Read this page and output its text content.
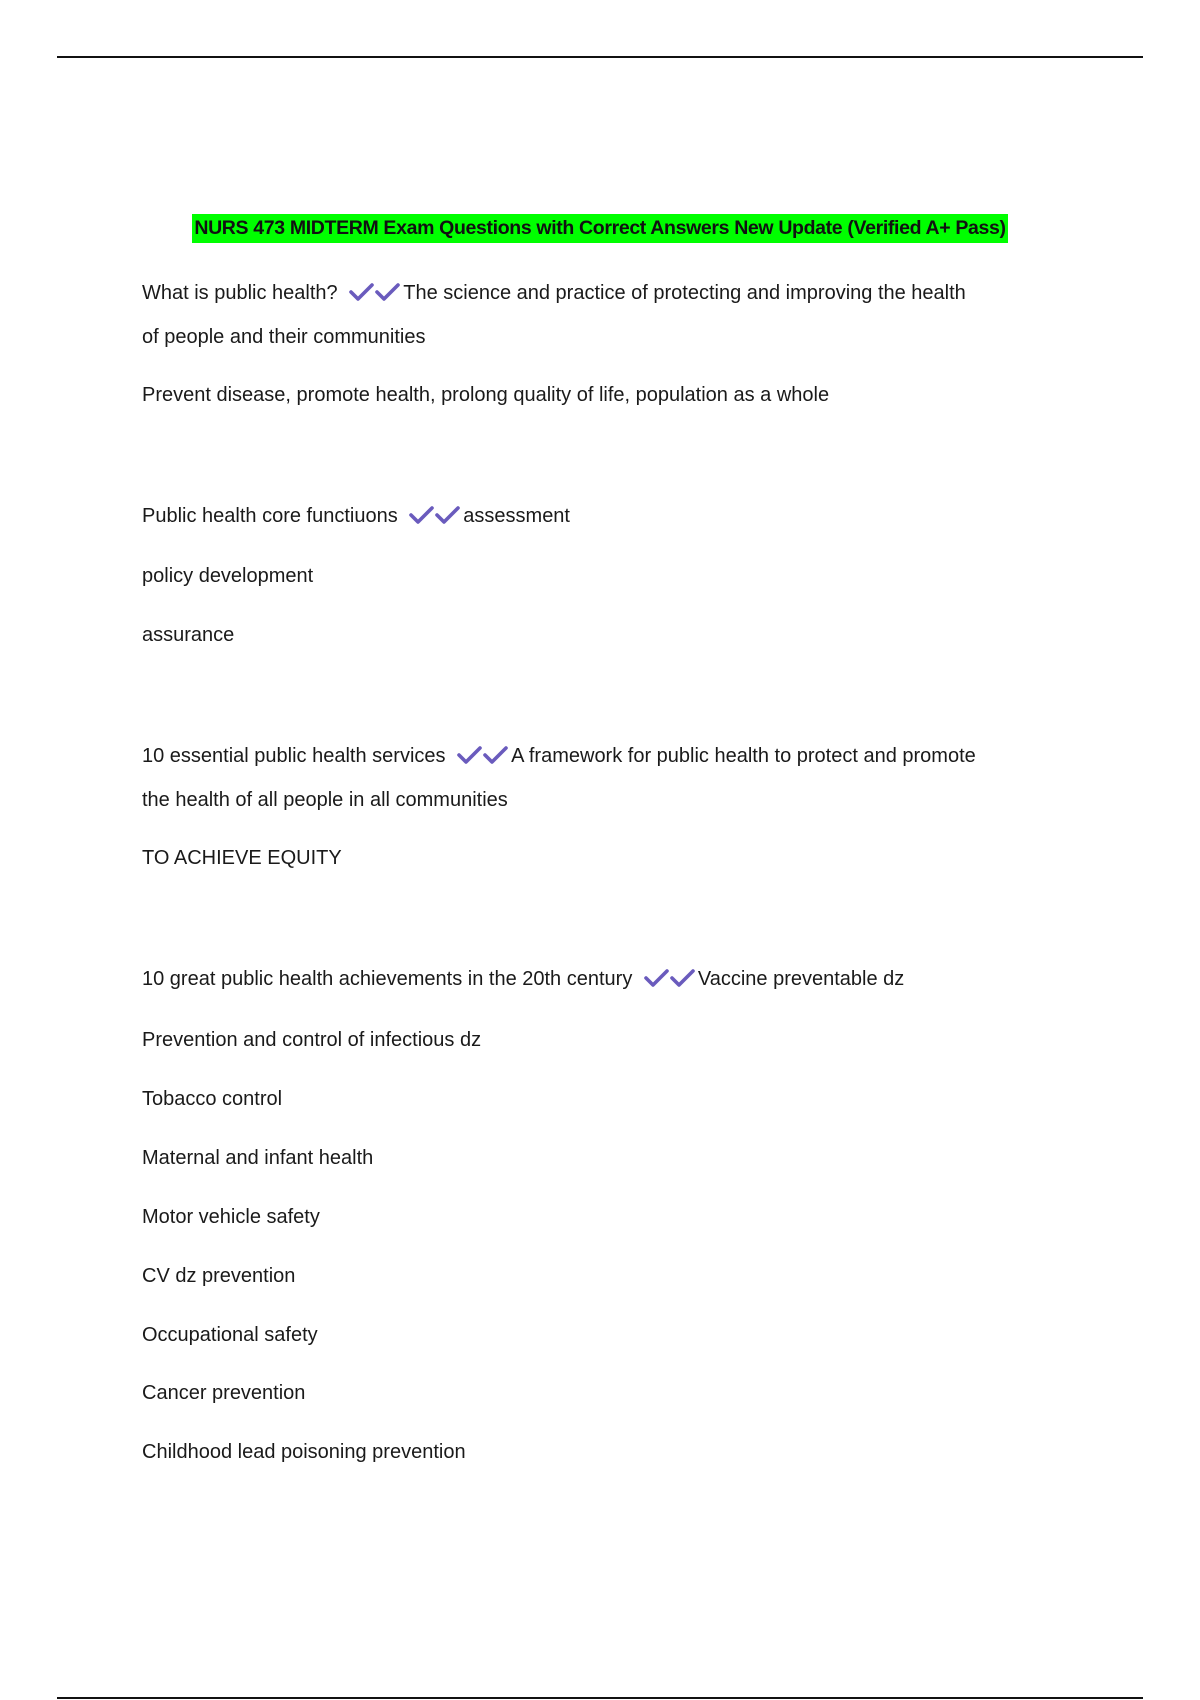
NURS 473 MIDTERM Exam Questions with Correct Answers New Update (Verified A+ Pass)
What is public health?	The science and practice of protecting and improving the health
of people and their communities
Prevent disease, promote health, prolong quality of life, population as a whole
Public health core functiuons	assessment
policy development
assurance
10 essential public health services	A framework for public health to protect and promote
the health of all people in all communities
TO ACHIEVE EQUITY
10 great public health achievements in the 20th century	Vaccine preventable dz
Prevention and control of infectious dz
Tobacco control
Maternal and infant health
Motor vehicle safety
CV dz prevention
Occupational safety
Cancer prevention
Childhood lead poisoning prevention
